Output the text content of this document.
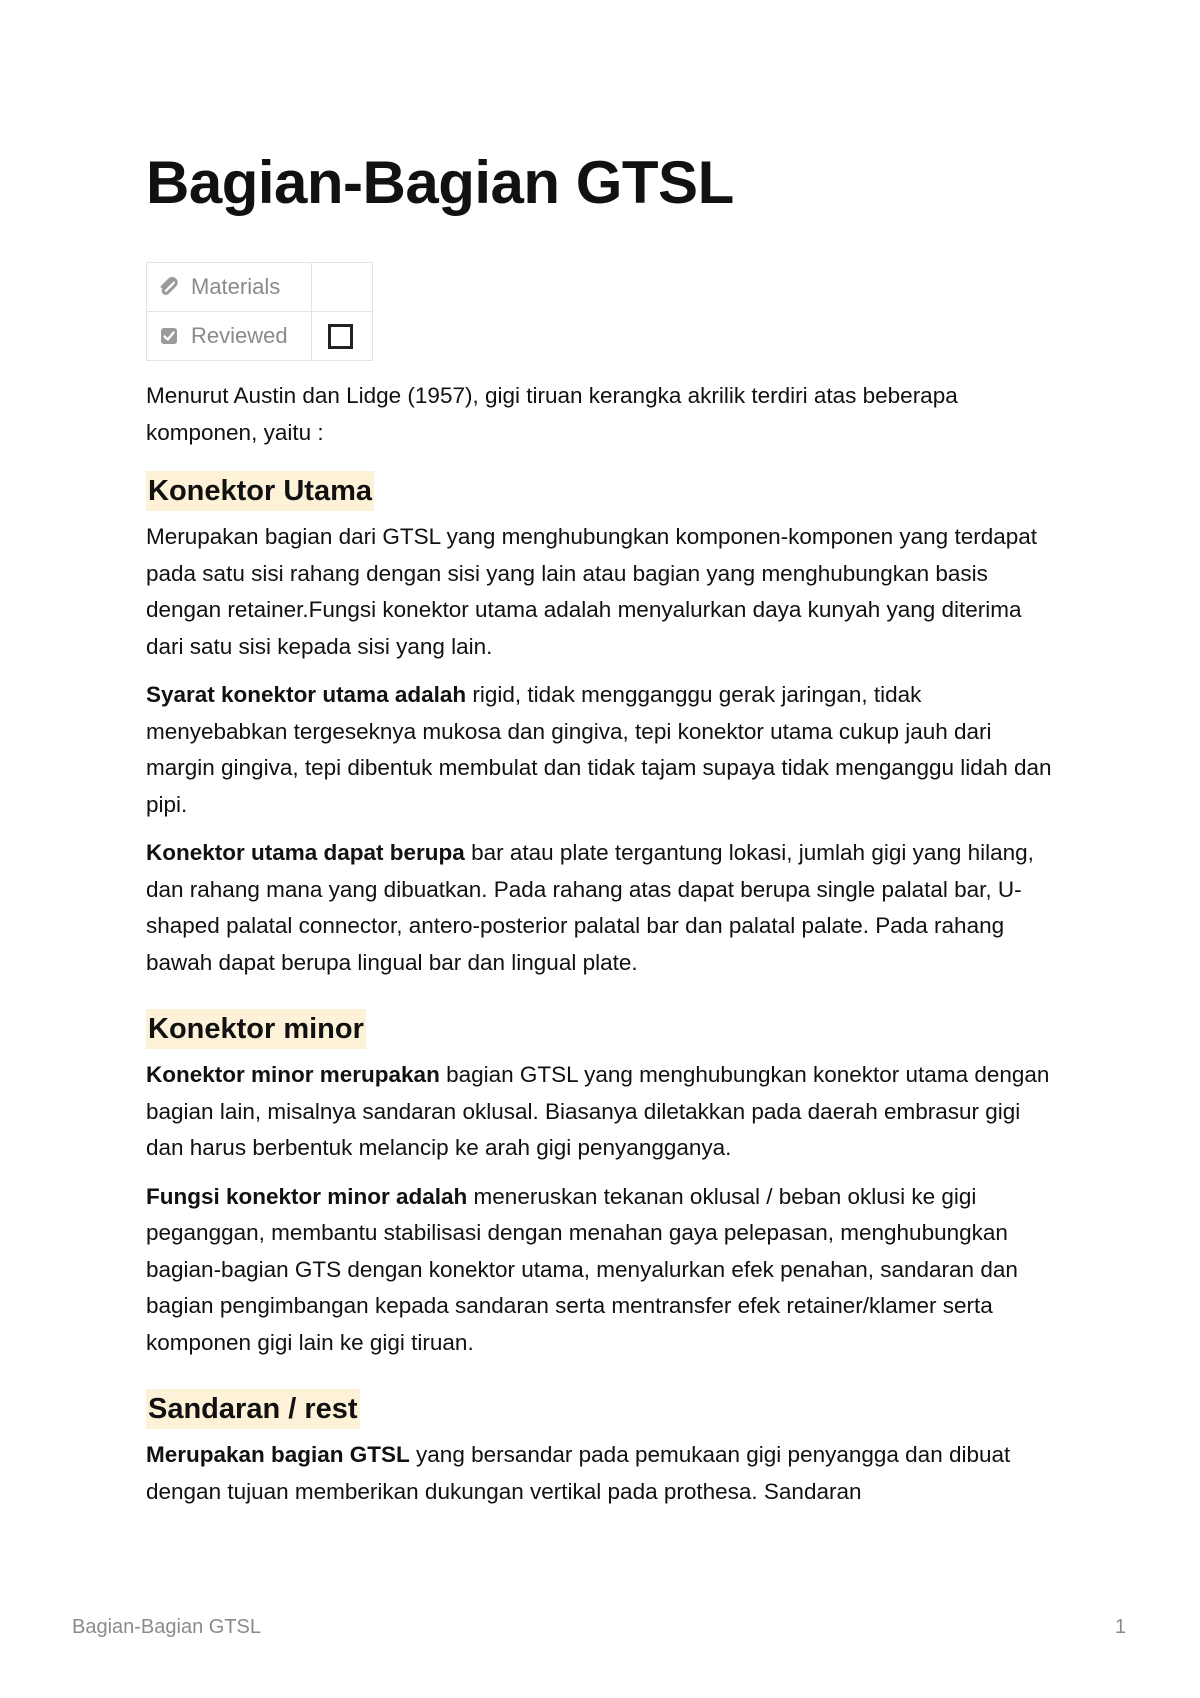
Bagian-Bagian GTSL
Materials	

Reviewed	

Menurut Austin dan Lidge (1957), gigi tiruan kerangka akrilik terdiri atas beberapa komponen, yaitu :

Konektor Utama

Merupakan bagian dari GTSL yang menghubungkan komponen-komponen yang terdapat pada satu sisi rahang dengan sisi yang lain atau bagian yang menghubungkan basis dengan retainer.Fungsi konektor utama adalah menyalurkan daya kunyah yang diterima dari satu sisi kepada sisi yang lain.

Syarat konektor utama adalah rigid, tidak mengganggu gerak jaringan, tidak menyebabkan tergeseknya mukosa dan gingiva, tepi konektor utama cukup jauh dari margin gingiva, tepi dibentuk membulat dan tidak tajam supaya tidak menganggu lidah dan pipi.

Konektor utama dapat berupa bar atau plate tergantung lokasi, jumlah gigi yang hilang, dan rahang mana yang dibuatkan. Pada rahang atas dapat berupa single palatal bar, U-shaped palatal connector, antero-posterior palatal bar dan palatal palate. Pada rahang bawah dapat berupa lingual bar dan lingual plate.

Konektor minor

Konektor minor merupakan bagian GTSL yang menghubungkan konektor utama dengan bagian lain, misalnya sandaran oklusal. Biasanya diletakkan pada daerah embrasur gigi dan harus berbentuk melancip ke arah gigi penyangganya.

Fungsi konektor minor adalah meneruskan tekanan oklusal / beban oklusi ke gigi peganggan, membantu stabilisasi dengan menahan gaya pelepasan, menghubungkan bagian-bagian GTS dengan konektor utama, menyalurkan efek penahan, sandaran dan bagian pengimbangan kepada sandaran serta mentransfer efek retainer/klamer serta komponen gigi lain ke gigi tiruan.

Sandaran / rest

Merupakan bagian GTSL yang bersandar pada pemukaan gigi penyangga dan dibuat dengan tujuan memberikan dukungan vertikal pada prothesa. Sandaran

Bagian-Bagian GTSL	1
